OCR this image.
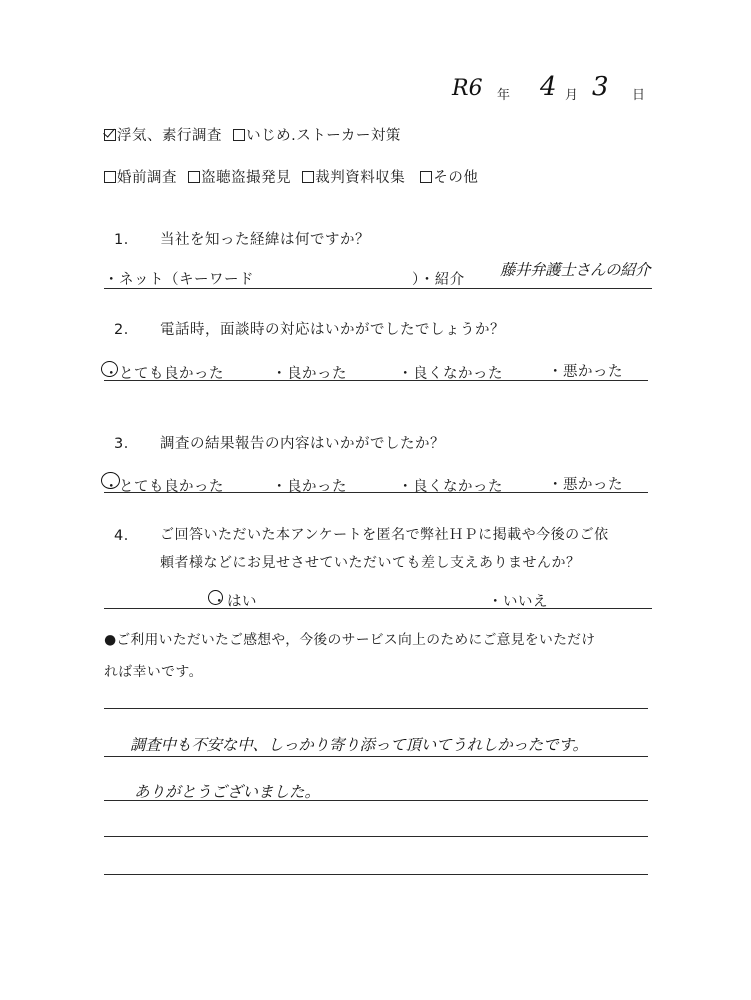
R6 年 4 月 3 日
浮気、素行調査 いじめ.ストーカー対策
婚前調査 盗聴盗撮発見 裁判資料収集 その他
1． 当社を知った経緯は何ですか？
・ネット（キーワード	）・紹介
藤井弁護士さんの紹介
2． 電話時，面談時の対応はいかがでしたでしょうか？
・とても良かった	・良かった	・良くなかった	・悪かった
3． 調査の結果報告の内容はいかがでしたか？
・とても良かった	・良かった	・良くなかった	・悪かった
4． ご回答いただいた本アンケートを匿名で弊社ＨＰに掲載や今後のご依
頼者様などにお見せさせていただいても差し支えありませんか？
・はい	・いいえ
●ご利用いただいたご感想や，今後のサービス向上のためにご意見をいただけ
れば幸いです。
調査中も不安な中、しっかり寄り添って頂いてうれしかったです。
ありがとうございました。
